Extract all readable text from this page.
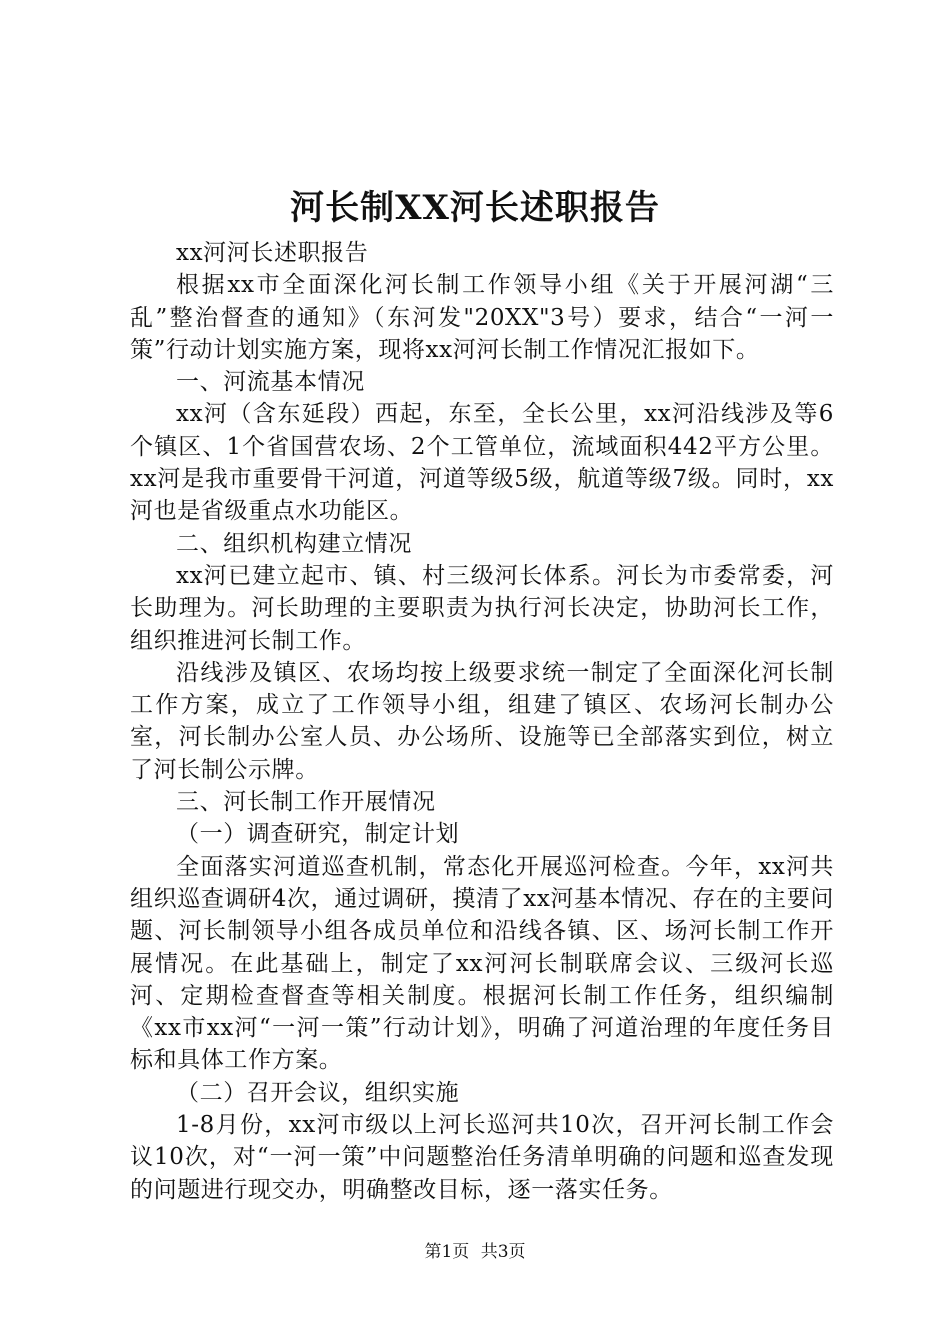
河长制XX河长述职报告

xx河河长述职报告

根据xx市全面深化河长制工作领导小组《关于开展河湖“三乱”整治督查的通知》（东河发"20XX"3号）要求，结合“一河一策”行动计划实施方案，现将xx河河长制工作情况汇报如下。

一、河流基本情况

xx河（含东延段）西起，东至，全长公里，xx河沿线涉及等6个镇区、1个省国营农场、2个工管单位，流域面积442平方公里。xx河是我市重要骨干河道，河道等级5级，航道等级7级。同时，xx河也是省级重点水功能区。

二、组织机构建立情况

xx河已建立起市、镇、村三级河长体系。河长为市委常委，河长助理为。河长助理的主要职责为执行河长决定，协助河长工作，组织推进河长制工作。

沿线涉及镇区、农场均按上级要求统一制定了全面深化河长制工作方案，成立了工作领导小组，组建了镇区、农场河长制办公室，河长制办公室人员、办公场所、设施等已全部落实到位，树立了河长制公示牌。

三、河长制工作开展情况

（一）调查研究，制定计划

全面落实河道巡查机制，常态化开展巡河检查。今年，xx河共组织巡查调研4次，通过调研，摸清了xx河基本情况、存在的主要问题、河长制领导小组各成员单位和沿线各镇、区、场河长制工作开展情况。在此基础上，制定了xx河河长制联席会议、三级河长巡河、定期检查督查等相关制度。根据河长制工作任务，组织编制《xx市xx河“一河一策”行动计划》，明确了河道治理的年度任务目标和具体工作方案。

（二）召开会议，组织实施

1-8月份，xx河市级以上河长巡河共10次，召开河长制工作会议10次，对“一河一策”中问题整治任务清单明确的问题和巡查发现的问题进行现交办，明确整改目标，逐一落实任务。

第1页 共3页
